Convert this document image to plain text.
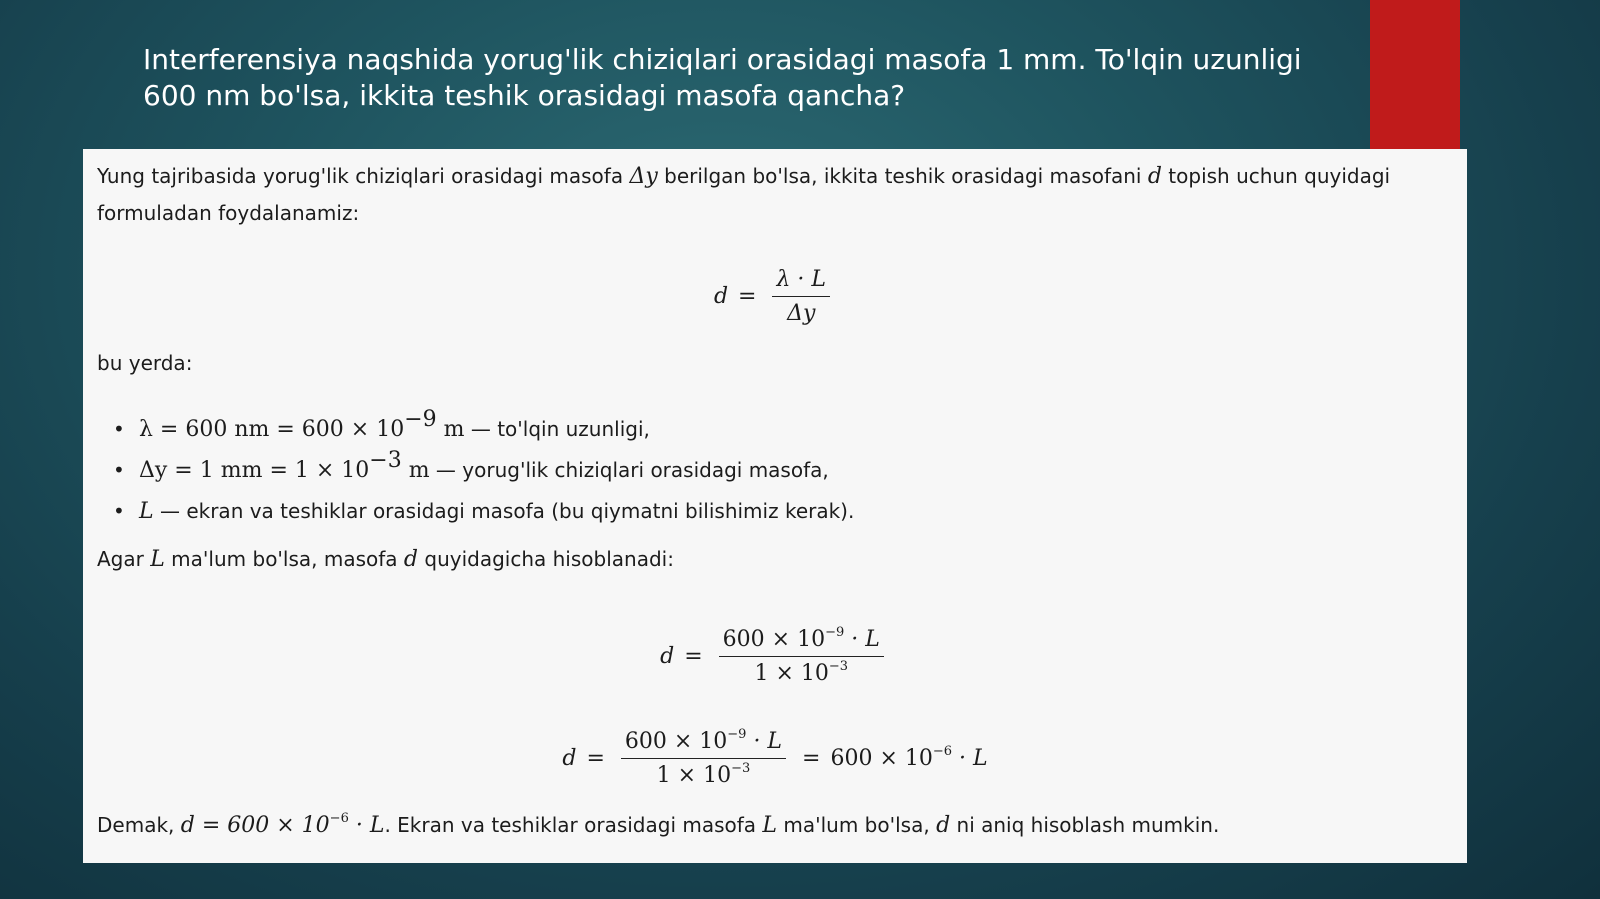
Interferensiya naqshida yorug'lik chiziqlari orasidagi masofa 1 mm. To'lqin uzunligi 600 nm bo'lsa, ikkita teshik orasidagi masofa qancha?
Yung tajribasida yorug'lik chiziqlari orasidagi masofa Δy berilgan bo'lsa, ikkita teshik orasidagi masofani d topish uchun quyidagi formuladan foydalanamiz:
$d = \frac{\lambda \cdot L}{\Delta y}$
bu yerda:
• λ = 600 nm = $600 \times 10^{-9}$ m — to'lqin uzunligi,
• Δy = 1 mm = $1 \times 10^{-3}$ m — yorug'lik chiziqlari orasidagi masofa,
• L — ekran va teshiklar orasidagi masofa (bu qiymatni bilishimiz kerak).
Agar L ma'lum bo'lsa, masofa d quyidagicha hisoblanadi:
$d = \frac{600 \times 10^{-9} \cdot L}{1 \times 10^{-3}}$
$d = \frac{600 \times 10^{-9} \cdot L}{1 \times 10^{-3}} = 600 \times 10^{-6} \cdot L$
Demak, $d = 600 \times 10^{-6} \cdot L$. Ekran va teshiklar orasidagi masofa L ma'lum bo'lsa, d ni aniq hisoblash mumkin.
